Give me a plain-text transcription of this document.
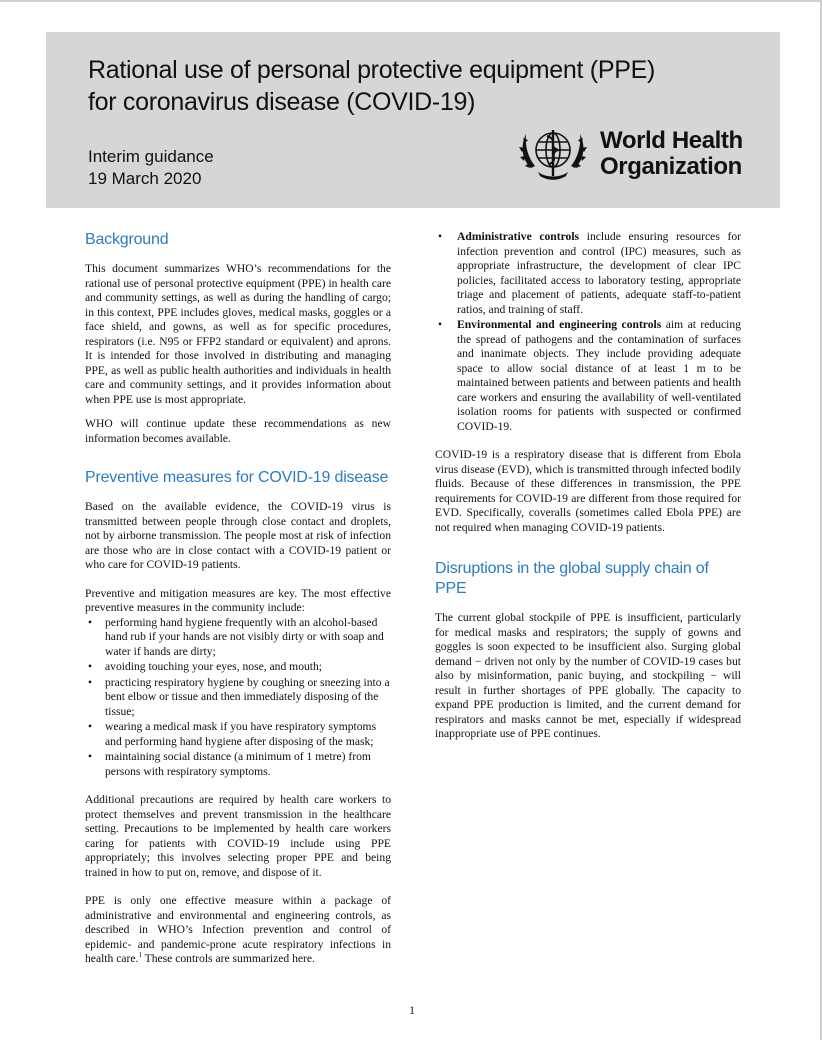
Rational use of personal protective equipment (PPE)
for coronavirus disease (COVID-19)
Interim guidance
19 March 2020
World Health
Organization
Background

This document summarizes WHO’s recommendations for the rational use of personal protective equipment (PPE) in health care and community settings, as well as during the handling of cargo; in this context, PPE includes gloves, medical masks, goggles or a face shield, and gowns, as well as for specific procedures, respirators (i.e. N95 or FFP2 standard or equivalent) and aprons. It is intended for those involved in distributing and managing PPE, as well as public health authorities and individuals in health care and community settings, and it provides information about when PPE use is most appropriate.

WHO will continue update these recommendations as new information becomes available.

Preventive measures for COVID-19 disease

Based on the available evidence, the COVID-19 virus is transmitted between people through close contact and droplets, not by airborne transmission. The people most at risk of infection are those who are in close contact with a COVID-19 patient or who care for COVID-19 patients.

Preventive and mitigation measures are key. The most effective preventive measures in the community include:

• performing hand hygiene frequently with an alcohol-based hand rub if your hands are not visibly dirty or with soap and water if hands are dirty;
• avoiding touching your eyes, nose, and mouth;
• practicing respiratory hygiene by coughing or sneezing into a bent elbow or tissue and then immediately disposing of the tissue;
• wearing a medical mask if you have respiratory symptoms and performing hand hygiene after disposing of the mask;
• maintaining social distance (a minimum of 1 metre) from persons with respiratory symptoms.

Additional precautions are required by health care workers to protect themselves and prevent transmission in the healthcare setting. Precautions to be implemented by health care workers caring for patients with COVID-19 include using PPE appropriately; this involves selecting proper PPE and being trained in how to put on, remove, and dispose of it.

PPE is only one effective measure within a package of administrative and environmental and engineering controls, as described in WHO’s Infection prevention and control of epidemic- and pandemic-prone acute respiratory infections in health care.$^1$ These controls are summarized here.

• Administrative controls include ensuring resources for infection prevention and control (IPC) measures, such as appropriate infrastructure, the development of clear IPC policies, facilitated access to laboratory testing, appropriate triage and placement of patients, adequate staff-to-patient ratios, and training of staff.
• Environmental and engineering controls aim at reducing the spread of pathogens and the contamination of surfaces and inanimate objects. They include providing adequate space to allow social distance of at least 1 m to be maintained between patients and between patients and health care workers and ensuring the availability of well-ventilated isolation rooms for patients with suspected or confirmed COVID-19.

COVID-19 is a respiratory disease that is different from Ebola virus disease (EVD), which is transmitted through infected bodily fluids. Because of these differences in transmission, the PPE requirements for COVID-19 are different from those required for EVD. Specifically, coveralls (sometimes called Ebola PPE) are not required when managing COVID-19 patients.

Disruptions in the global supply chain of PPE

The current global stockpile of PPE is insufficient, particularly for medical masks and respirators; the supply of gowns and goggles is soon expected to be insufficient also. Surging global demand − driven not only by the number of COVID-19 cases but also by misinformation, panic buying, and stockpiling − will result in further shortages of PPE globally. The capacity to expand PPE production is limited, and the current demand for respirators and masks cannot be met, especially if widespread inappropriate use of PPE continues.

1
